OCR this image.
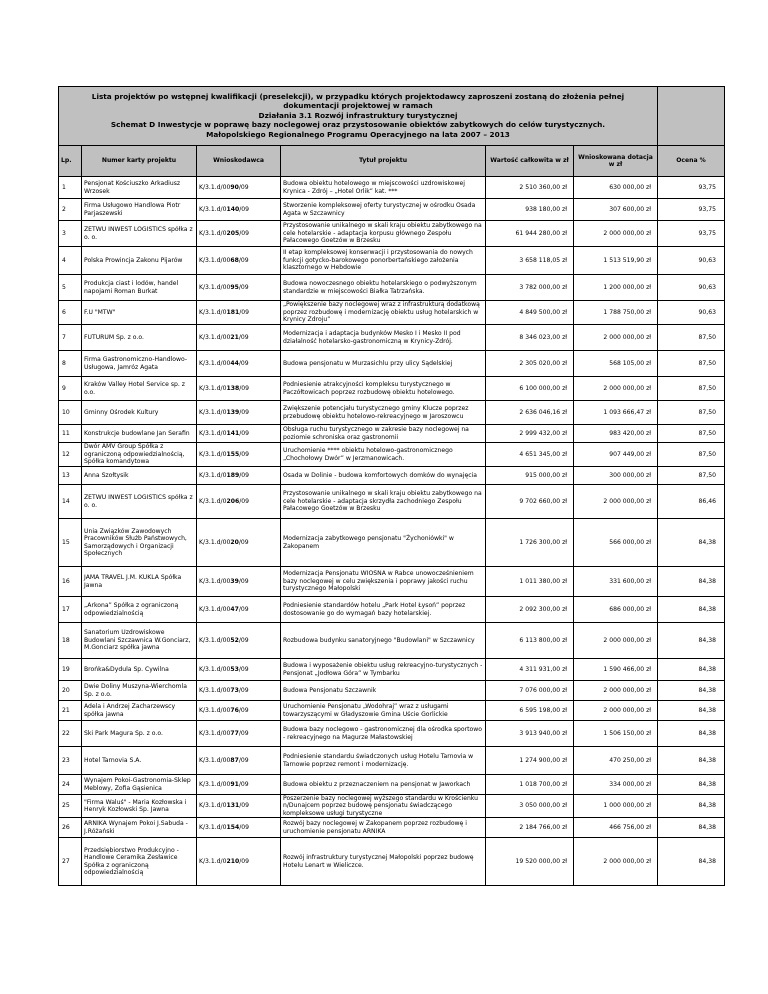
Lista projektów po wstępnej kwalifikacji (preselekcji), w przypadku których projektodawcy zaproszeni zostaną do złożenia pełnej dokumentacji projektowej w ramach
Działania 3.1 Rozwój infrastruktury turystycznej
Schemat D Inwestycje w poprawę bazy noclegowej oraz przystosowanie obiektów zabytkowych do celów turystycznych.
Małopolskiego Regionalnego Programu Operacyjnego na lata 2007 – 2013						

Lp.	Numer karty projektu	Wnioskodawca	Tytuł projektu	Wartość całkowita w zł	Wnioskowana dotacja w zł	Ocena %
1	Pensjonat Kościuszko Arkadiusz Wrzosek	K/3.1.d/0090/09	Budowa obiektu hotelowego w miejscowości uzdrowiskowej Krynica - Zdrój – „Hotel Orlik” kat. ***	2 510 360,00 zł	630 000,00 zł	93,75
2	Firma Usługowo Handlowa Piotr Parjaszewski	K/3.1.d/0140/09	Stworzenie kompleksowej oferty turystycznej w ośrodku Osada Agata w Szczawnicy	938 180,00 zł	307 600,00 zł	93,75
3	ZETWU INWEST LOGISTICS spółka z o. o.	K/3.1.d/0205/09	Przystosowanie unikalnego w skali kraju obiektu zabytkowego na cele hotelarskie - adaptacja korpusu głównego Zespołu Pałacowego Goetzów w Brzesku	61 944 280,00 zł	2 000 000,00 zł	93,75
4	Polska Prowincja Zakonu Pijarów	K/3.1.d/0068/09	II etap kompleksowej konserwacji i przystosowania do nowych funkcji gotycko-barokowego ponorbertańskiego założenia klasztornego w Hebdowie	3 658 118,05 zł	1 513 519,90 zł	90,63
5	Produkcja ciast i lodów, handel napojami Roman Burkat	K/3.1.d/0095/09	Budowa nowoczesnego obiektu hotelarskiego o podwyższonym standardzie w miejscowości Białka Tatrzańska.	3 782 000,00 zł	1 200 000,00 zł	90,63
6	F.U "MTW"	K/3.1.d/0181/09	„Powiększenie bazy noclegowej wraz z infrastrukturą dodatkową poprzez rozbudowę i modernizację obiektu usług hotelarskich w Krynicy Zdroju”	4 849 500,00 zł	1 788 750,00 zł	90,63
7	FUTURUM Sp. z o.o.	K/3.1.d/0021/09	Modernizacja i adaptacja budynków Mesko I i Mesko II pod działalność hotelarsko-gastronomiczną w Krynicy-Zdrój.	8 346 023,00 zł	2 000 000,00 zł	87,50
8	Firma Gastronomiczno-Handlowo-Usługowa, Jamróz Agata	K/3.1.d/0044/09	Budowa pensjonatu w Murzasichlu przy ulicy Sądelskiej	2 305 020,00 zł	568 105,00 zł	87,50
9	Kraków Valley Hotel Service sp. z o.o.	K/3.1.d/0138/09	Podniesienie atrakcyjności kompleksu turystycznego w Paczółtowicach poprzez rozbudowę obiektu hotelowego.	6 100 000,00 zł	2 000 000,00 zł	87,50
10	Gminny Ośrodek Kultury	K/3.1.d/0139/09	Zwiększenie potencjału turystycznego gminy Klucze poprzez przebudowę obiektu hotelowo-rekreacyjnego w Jaroszowcu	2 636 046,16 zł	1 093 666,47 zł	87,50
11	Konstrukcje budowlane Jan Serafin	K/3.1.d/0141/09	Obsługa ruchu turystycznego w zakresie bazy noclegowej na poziomie schroniska oraz gastronomii	2 999 432,00 zł	983 420,00 zł	87,50
12	Dwór AMV Group Spółka z ograniczoną odpowiedzialnością, Spółka komandytowa	K/3.1.d/0155/09	Uruchomienie **** obiektu hotelowo-gastronomicznego „Chochołowy Dwór” w Jerzmanowicach.	4 651 345,00 zł	907 449,00 zł	87,50
13	Anna Szołtysik	K/3.1.d/0189/09	Osada w Dolinie - budowa komfortowych domków do wynajęcia	915 000,00 zł	300 000,00 zł	87,50
14	ZETWU INWEST LOGISTICS spółka z o. o.	K/3.1.d/0206/09	Przystosowanie unikalnego w skali kraju obiektu zabytkowego na cele hotelarskie - adaptacja skrzydła zachodniego Zespołu Pałacowego Goetzów w Brzesku	9 702 660,00 zł	2 000 000,00 zł	86,46
15	Unia Związków Zawodowych Pracowników Służb Państwowych, Samorządowych i Organizacji Społecznych	K/3.1.d/0020/09	Modernizacja zabytkowego pensjonatu "Żychoniówki" w Zakopanem	1 726 300,00 zł	566 000,00 zł	84,38
16	JAMA TRAVEL J.M. KUKLA Spółka Jawna	K/3.1.d/0039/09	Modernizacja Pensjonatu WIOSNA w Rabce unowocześnieniem bazy noclegowej w celu zwiększenia i poprawy jakości ruchu turystycznego Małopolski	1 011 380,00 zł	331 600,00 zł	84,38
17	„Arkona” Spółka z ograniczoną odpowiedzialnością	K/3.1.d/0047/09	Podniesienie standardów hotelu „Park Hotel Łysoń” poprzez dostosowanie go do wymagań bazy hotelarskiej.	2 092 300,00 zł	686 000,00 zł	84,38
18	Sanatorium Uzdrowiskowe Budowlani Szczawnica W.Gonciarz, M.Gonciarz spółka jawna	K/3.1.d/0052/09	Rozbudowa budynku sanatoryjnego "Budowlani" w Szczawnicy	6 113 800,00 zł	2 000 000,00 zł	84,38
19	Brońka&Dydula Sp. Cywilna	K/3.1.d/0053/09	Budowa i wyposażenie obiektu usług rekreacyjno-turystycznych - Pensjonat „Jodłowa Góra” w Tymbarku	4 311 931,00 zł	1 590 466,00 zł	84,38
20	Dwie Doliny Muszyna-Wierchomla Sp. z o.o.	K/3.1.d/0073/09	Budowa Pensjonatu Szczawnik	7 076 000,00 zł	2 000 000,00 zł	84,38
21	Adela i Andrzej Zacharzewscy spółka jawna	K/3.1.d/0076/09	Uruchomienie Pensjonatu „Wodohraj” wraz z usługami towarzyszącymi w Gładyszowie Gmina Uście Gorlickie	6 595 198,00 zł	2 000 000,00 zł	84,38
22	Ski Park Magura Sp. z o.o.	K/3.1.d/0077/09	Budowa bazy noclegowo - gastronomicznej dla ośrodka sportowo - rekreacyjnego na Magurze Małastowskiej	3 913 940,00 zł	1 506 150,00 zł	84,38
23	Hotel Tarnovia S.A.	K/3.1.d/0087/09	Podniesienie standardu świadczonych usług Hotelu Tarnovia w Tarnowie poprzez remont i modernizację.	1 274 900,00 zł	470 250,00 zł	84,38
24	Wynajem Pokoi-Gastronomia-Sklep Meblowy, Zofia Gąsienica	K/3.1.d/0091/09	Budowa obiektu z przeznaczeniem na pensjonat w Jaworkach	1 018 700,00 zł	334 000,00 zł	84,38
25	"Firma Waluś" - Maria Kozłowska i Henryk Kozłowski Sp. Jawna	K/3.1.d/0131/09	Poszerzenie bazy noclegowej wyższego standardu w Krościenku n/Dunajcem poprzez budowę pensjonatu świadczącego kompleksowe usługi turystyczne	3 050 000,00 zł	1 000 000,00 zł	84,38
26	ARNIKA Wynajem Pokoi J.Sabuda - J.Różański	K/3.1.d/0154/09	Rozwój bazy noclegowej w Zakopanem poprzez rozbudowę i uruchomienie pensjonatu ARNIKA	2 184 766,00 zł	466 756,00 zł	84,38
27	Przedsiębiorstwo Produkcyjno - Handlowe Ceramika Zesławice Spółka z ograniczoną odpowiedzialnością	K/3.1.d/0210/09	Rozwój infrastruktury turystycznej Małopolski poprzez budowę Hotelu Lenart w Wieliczce.	19 520 000,00 zł	2 000 000,00 zł	84,38
